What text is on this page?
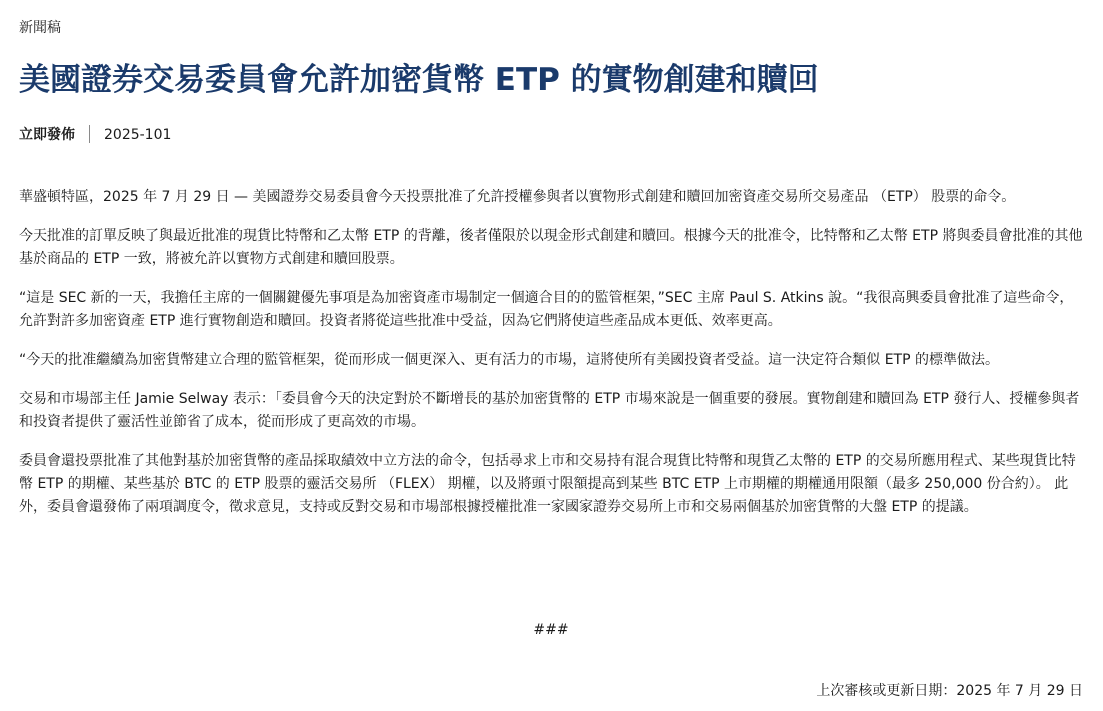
新聞稿
美國證券交易委員會允許加密貨幣 ETP 的實物創建和贖回
立即發佈 2025-101

華盛頓特區，2025 年 7 月 29 日 — 美國證券交易委員會今天投票批准了允許授權參與者以實物形式創建和贖回加密資產交易所交易產品 （ETP） 股票的命令。

今天批准的訂單反映了與最近批准的現貨比特幣和乙太幣 ETP 的背離，後者僅限於以現金形式創建和贖回。根據今天的批准令，比特幣和乙太幣 ETP 將與委員會批准的其他基於商品的 ETP 一致，將被允許以實物方式創建和贖回股票。

“這是 SEC 新的一天，我擔任主席的一個關鍵優先事項是為加密資產市場制定一個適合目的的監管框架，”SEC 主席 Paul S. Atkins 說。“我很高興委員會批准了這些命令，允許對許多加密資產 ETP 進行實物創造和贖回。投資者將從這些批准中受益，因為它們將使這些產品成本更低、效率更高。

“今天的批准繼續為加密貨幣建立合理的監管框架，從而形成一個更深入、更有活力的市場，這將使所有美國投資者受益。這一決定符合類似 ETP 的標準做法。

交易和市場部主任 Jamie Selway 表示：「委員會今天的決定對於不斷增長的基於加密貨幣的 ETP 市場來說是一個重要的發展。實物創建和贖回為 ETP 發行人、授權參與者和投資者提供了靈活性並節省了成本，從而形成了更高效的市場。

委員會還投票批准了其他對基於加密貨幣的產品採取績效中立方法的命令，包括尋求上市和交易持有混合現貨比特幣和現貨乙太幣的 ETP 的交易所應用程式、某些現貨比特幣 ETP 的期權、某些基於 BTC 的 ETP 股票的靈活交易所 （FLEX） 期權，以及將頭寸限額提高到某些 BTC ETP 上市期權的期權通用限額（最多 250,000 份合約）。 此外，委員會還發佈了兩項調度令，徵求意見，支持或反對交易和市場部根據授權批准一家國家證券交易所上市和交易兩個基於加密貨幣的大盤 ETP 的提議。

###
上次審核或更新日期：2025 年 7 月 29 日
